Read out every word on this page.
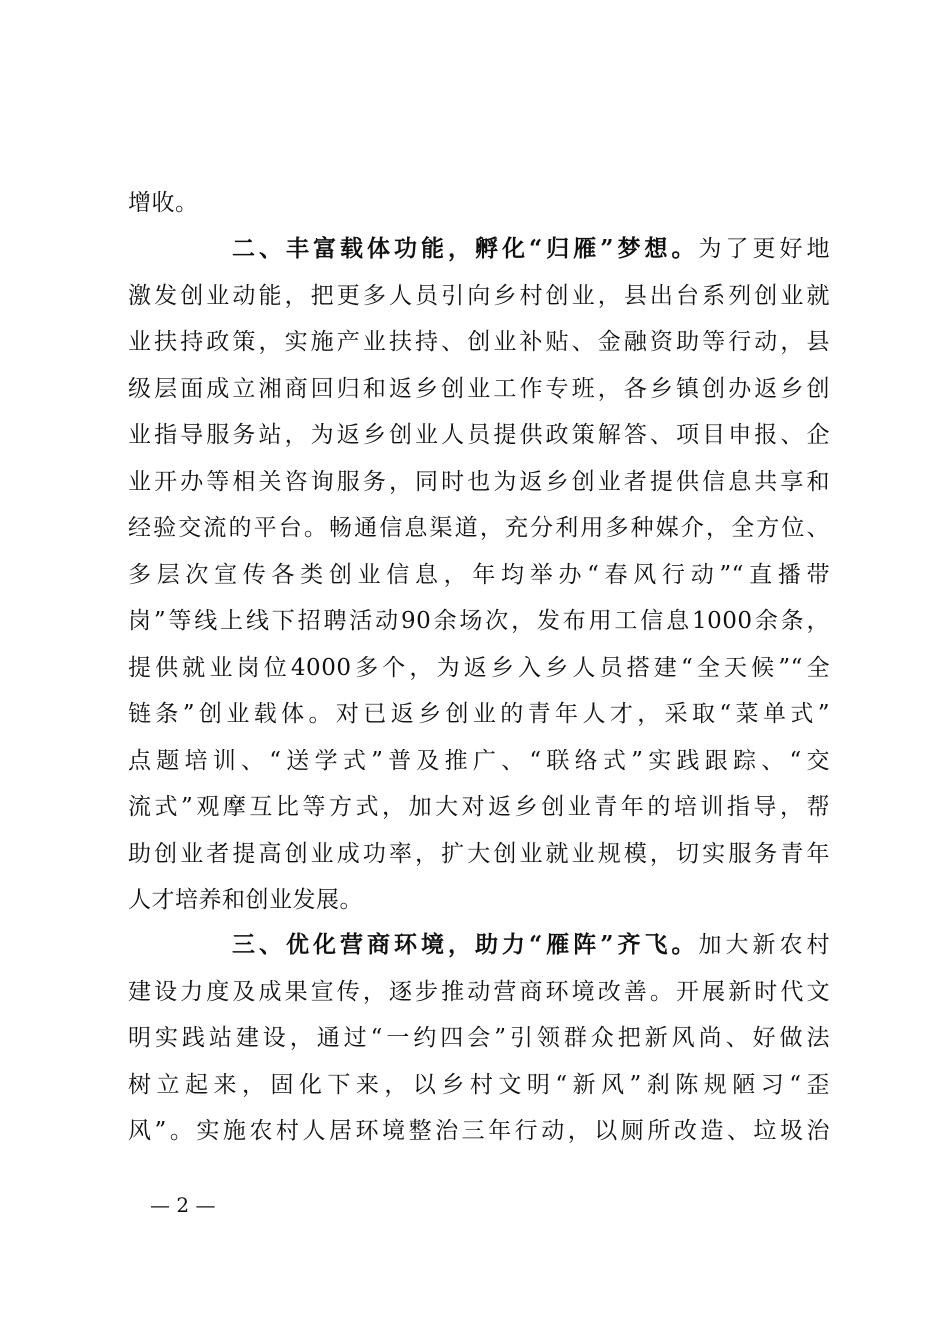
增收。
二、丰富载体功能，孵化“归雁”梦想。为了更好地
激发创业动能，把更多人员引向乡村创业，县出台系列创业就
业扶持政策，实施产业扶持、创业补贴、金融资助等行动，县
级层面成立湘商回归和返乡创业工作专班，各乡镇创办返乡创
业指导服务站，为返乡创业人员提供政策解答、项目申报、企
业开办等相关咨询服务，同时也为返乡创业者提供信息共享和
经验交流的平台。畅通信息渠道，充分利用多种媒介，全方位、
多层次宣传各类创业信息，年均举办“春风行动”“直播带
岗”等线上线下招聘活动90余场次，发布用工信息1000余条，
提供就业岗位4000多个，为返乡入乡人员搭建“全天候”“全
链条”创业载体。对已返乡创业的青年人才，采取“菜单式”
点题培训、“送学式”普及推广、“联络式”实践跟踪、“交
流式”观摩互比等方式，加大对返乡创业青年的培训指导，帮
助创业者提高创业成功率，扩大创业就业规模，切实服务青年
人才培养和创业发展。
三、优化营商环境，助力“雁阵”齐飞。加大新农村
建设力度及成果宣传，逐步推动营商环境改善。开展新时代文
明实践站建设，通过“一约四会”引领群众把新风尚、好做法
树立起来，固化下来，以乡村文明“新风”刹陈规陋习“歪
风”。实施农村人居环境整治三年行动，以厕所改造、垃圾治
— 2 —
